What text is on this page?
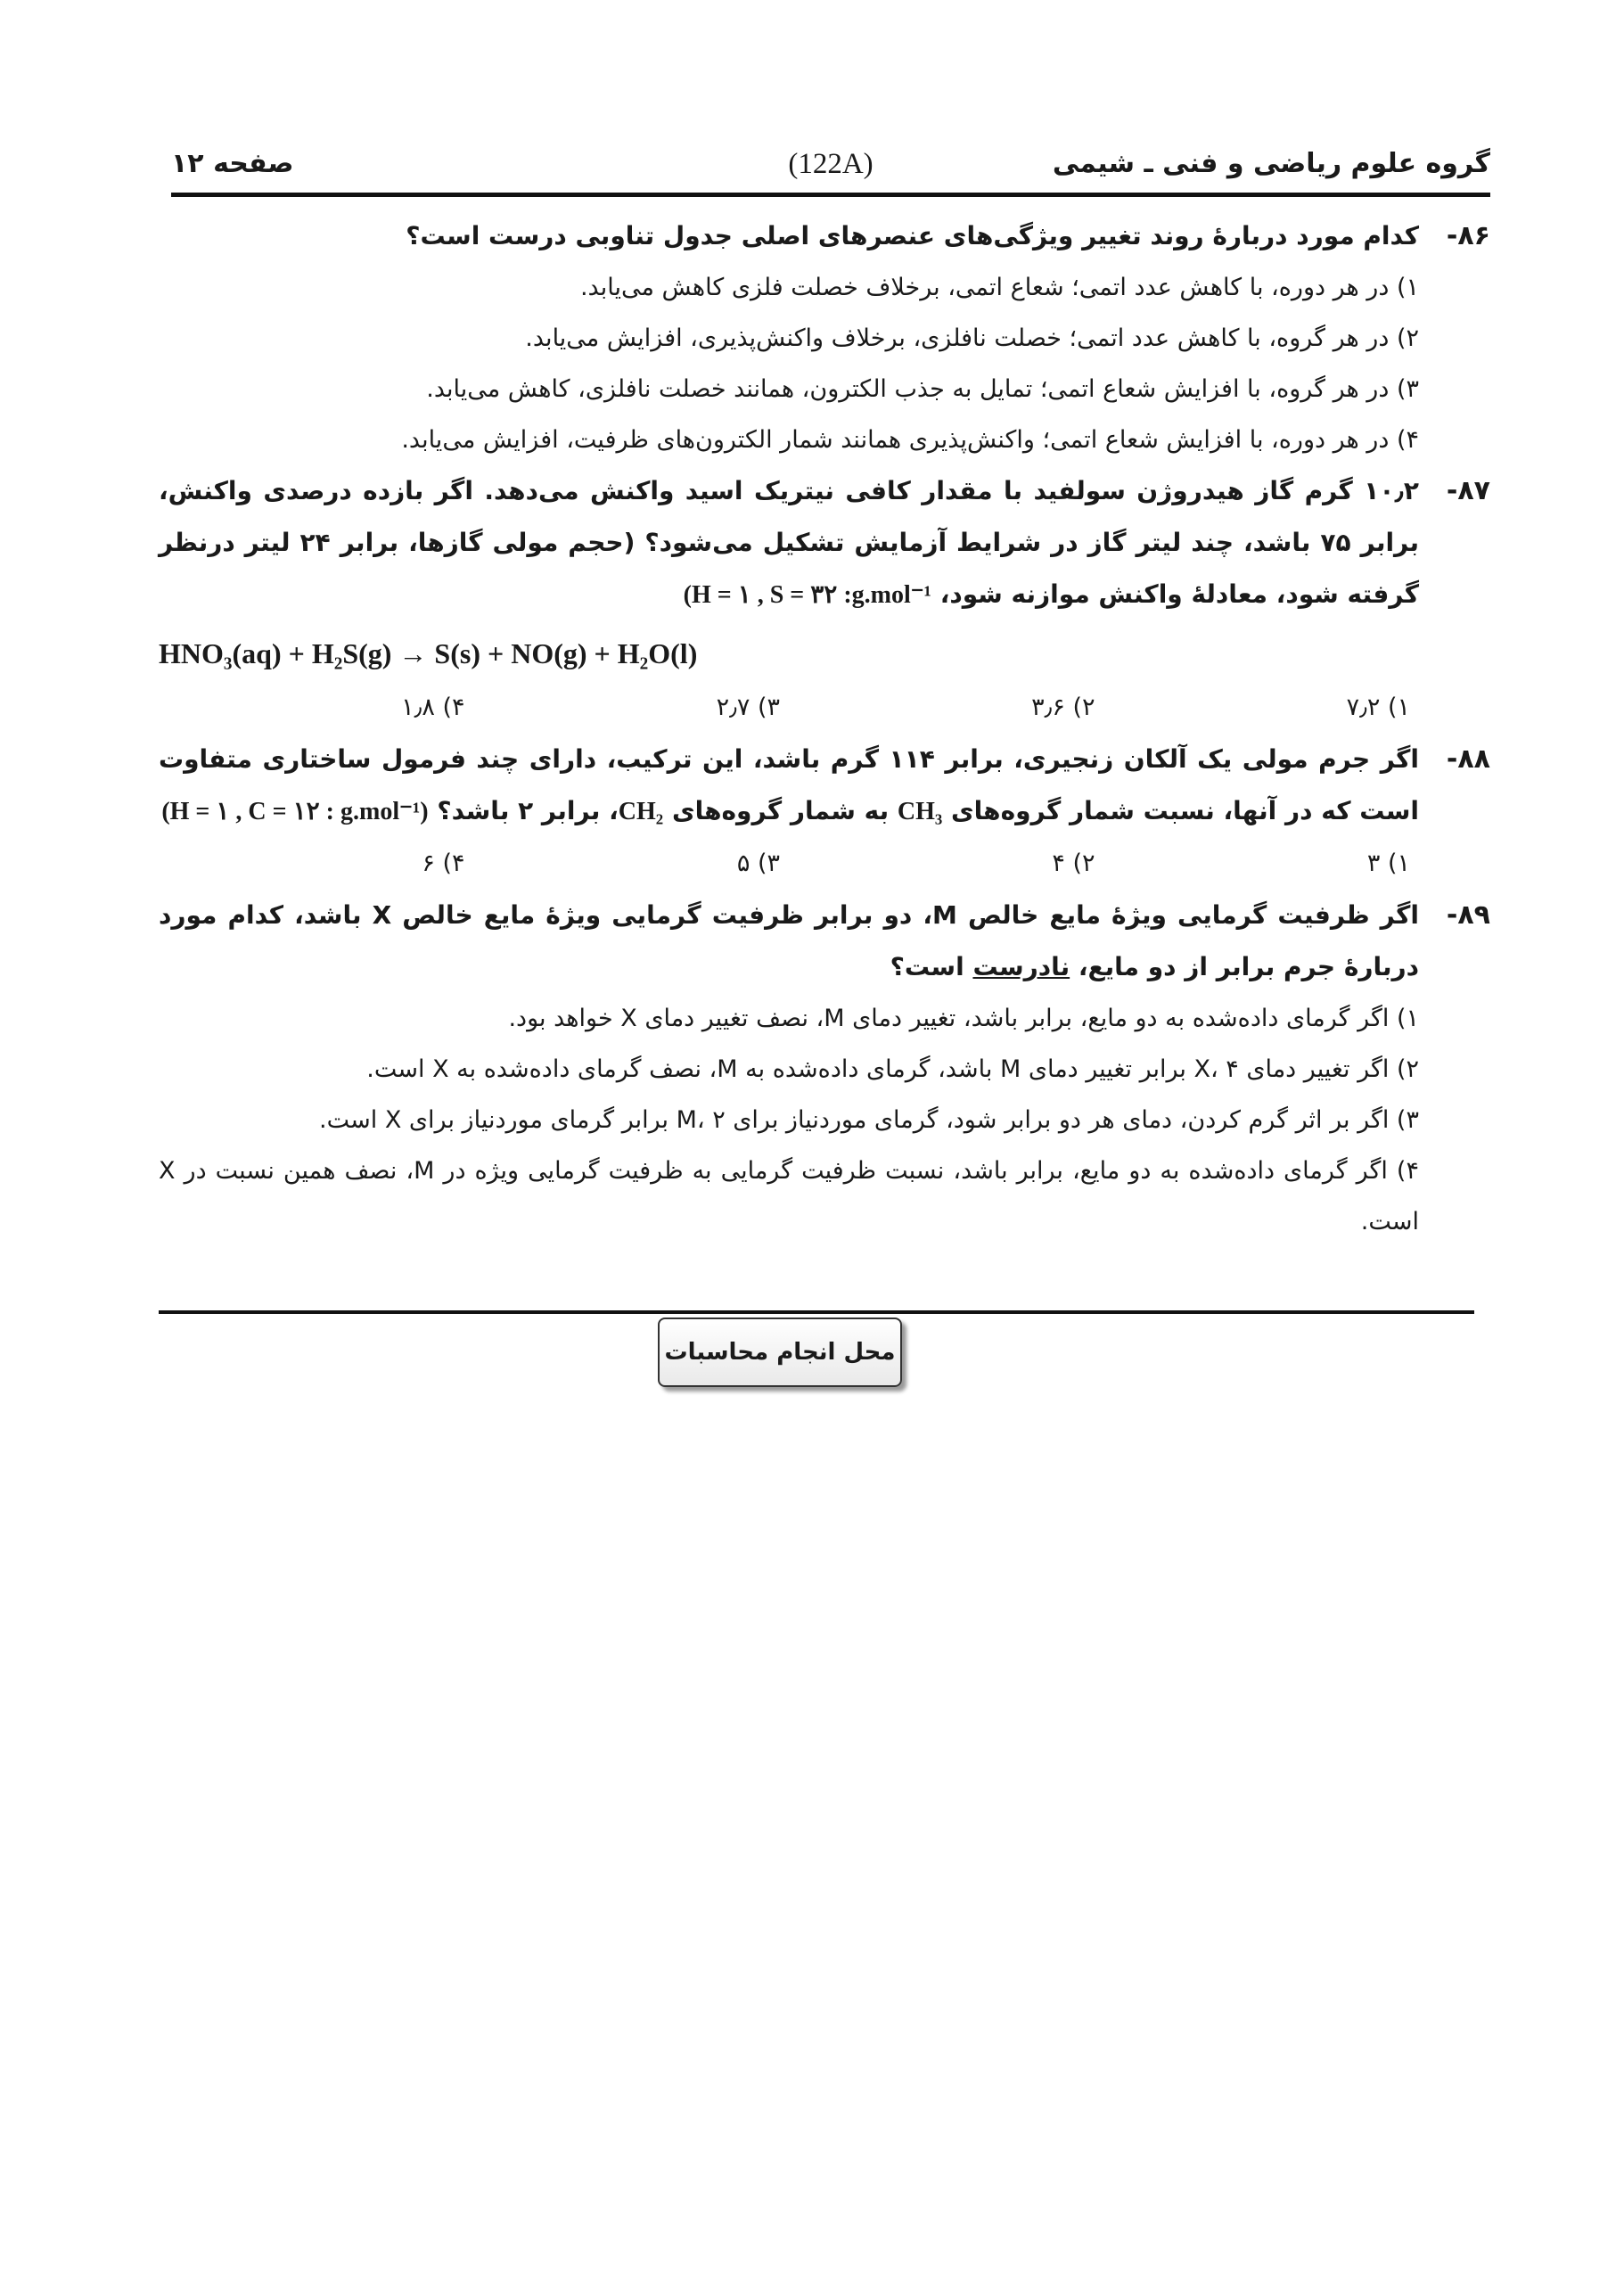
گروه علوم ریاضی و فنی ـ شیمی
(122A)
صفحه ۱۲
۸۶-
کدام مورد دربارهٔ روند تغییر ویژگی‌های عنصرهای اصلی جدول تناوبی درست است؟
۱) در هر دوره، با کاهش عدد اتمی؛ شعاع اتمی، برخلاف خصلت فلزی کاهش می‌یابد.
۲) در هر گروه، با کاهش عدد اتمی؛ خصلت نافلزی، برخلاف واکنش‌پذیری، افزایش می‌یابد.
۳) در هر گروه، با افزایش شعاع اتمی؛ تمایل به جذب الکترون، همانند خصلت نافلزی، کاهش می‌یابد.
۴) در هر دوره، با افزایش شعاع اتمی؛ واکنش‌پذیری همانند شمار الکترون‌های ظرفیت، افزایش می‌یابد.
۸۷-
۱۰٫۲ گرم گاز هیدروژن سولفید با مقدار کافی نیتریک اسید واکنش می‌دهد. اگر بازده درصدی واکنش، برابر ۷۵ باشد، چند لیتر گاز در شرایط آزمایش تشکیل می‌شود؟ (حجم مولی گازها، برابر ۲۴ لیتر درنظر گرفته شود، معادلهٔ واکنش موازنه شود، (H = ۱ , S = ۳۲ :g.mol⁻¹
HNO₃(aq) + H₂S(g) → S(s) + NO(g) + H₂O(l)
۱) ۷٫۲
۲) ۳٫۶
۳) ۲٫۷
۴) ۱٫۸
۸۸-
اگر جرم مولی یک آلکان زنجیری، برابر ۱۱۴ گرم باشد، این ترکیب، دارای چند فرمول ساختاری متفاوت است که در آنها، نسبت شمار گروه‌های CH₃ به شمار گروه‌های CH₂، برابر ۲ باشد؟ (H = ۱ , C = ۱۲ : g.mol⁻¹)
۱) ۳
۲) ۴
۳) ۵
۴) ۶
۸۹-
اگر ظرفیت گرمایی ویژهٔ مایع خالص M، دو برابر ظرفیت گرمایی ویژهٔ مایع خالص X باشد، کدام مورد دربارهٔ جرم برابر از دو مایع، نادرست است؟
۱) اگر گرمای داده‌شده به دو مایع، برابر باشد، تغییر دمای M، نصف تغییر دمای X خواهد بود.
۲) اگر تغییر دمای X، ۴ برابر تغییر دمای M باشد، گرمای داده‌شده به M، نصف گرمای داده‌شده به X است.
۳) اگر بر اثر گرم کردن، دمای هر دو برابر شود، گرمای موردنیاز برای M، ۲ برابر گرمای موردنیاز برای X است.
۴) اگر گرمای داده‌شده به دو مایع، برابر باشد، نسبت ظرفیت گرمایی به ظرفیت گرمایی ویژه در M، نصف همین نسبت در X است.
محل انجام محاسبات
